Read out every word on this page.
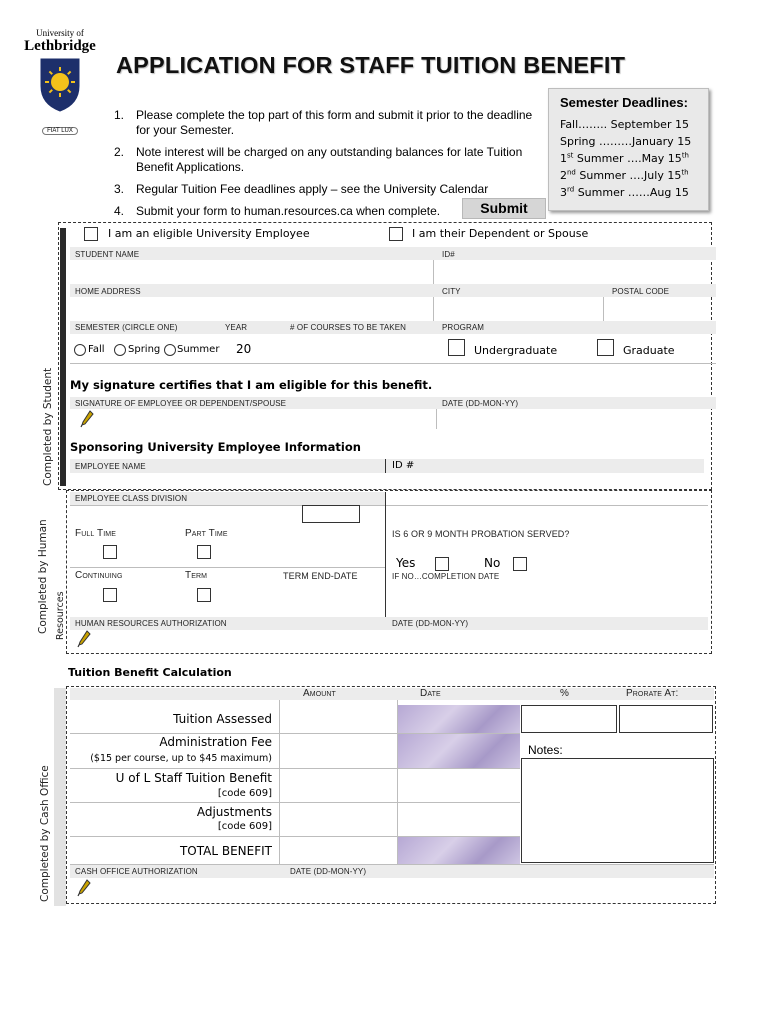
University of
Lethbridge
FIAT LUX
APPLICATION FOR STAFF TUITION BENEFIT
1. Please complete the top part of this form and submit it prior to the deadline for your Semester.
2. Note interest will be charged on any outstanding balances for late Tuition Benefit Applications.
3. Regular Tuition Fee deadlines apply – see the University Calendar
4. Submit your form to human.resources.ca when complete.
Semester Deadlines:
Fall…….. September 15
Spring ………January 15
1st Summer ….May 15th
2nd Summer ….July 15th
3rd Summer ……Aug 15
Submit
Completed by Student
I am an eligible University Employee	I am their Dependent or Spouse
STUDENT NAME	ID#
HOME ADDRESS	CITY	POSTAL CODE
SEMESTER (CIRCLE ONE)	YEAR	# OF COURSES TO BE TAKEN	PROGRAM
Fall Spring Summer 20	Undergraduate	Graduate
My signature certifies that I am eligible for this benefit.
SIGNATURE OF EMPLOYEE OR DEPENDENT/SPOUSE	DATE (DD-MON-YY)
Sponsoring University Employee Information
EMPLOYEE NAME	ID #
Completed by Human Resources
EMPLOYEE CLASS DIVISION
Full Time	Part Time	IS 6 OR 9 MONTH PROBATION SERVED?
Yes	No
Continuing	Term	TERM END-DATE	IF NO…COMPLETION DATE
HUMAN RESOURCES AUTHORIZATION	DATE (DD-MON-YY)
Tuition Benefit Calculation
Completed by Cash Office
Amount	Date	%	Prorate At:
Notes:
Tuition Assessed
Administration Fee
($15 per course, up to $45 maximum)
U of L Staff Tuition Benefit
[code 609]
Adjustments
[code 609]
TOTAL BENEFIT
CASH OFFICE AUTHORIZATION	DATE (DD-MON-YY)
